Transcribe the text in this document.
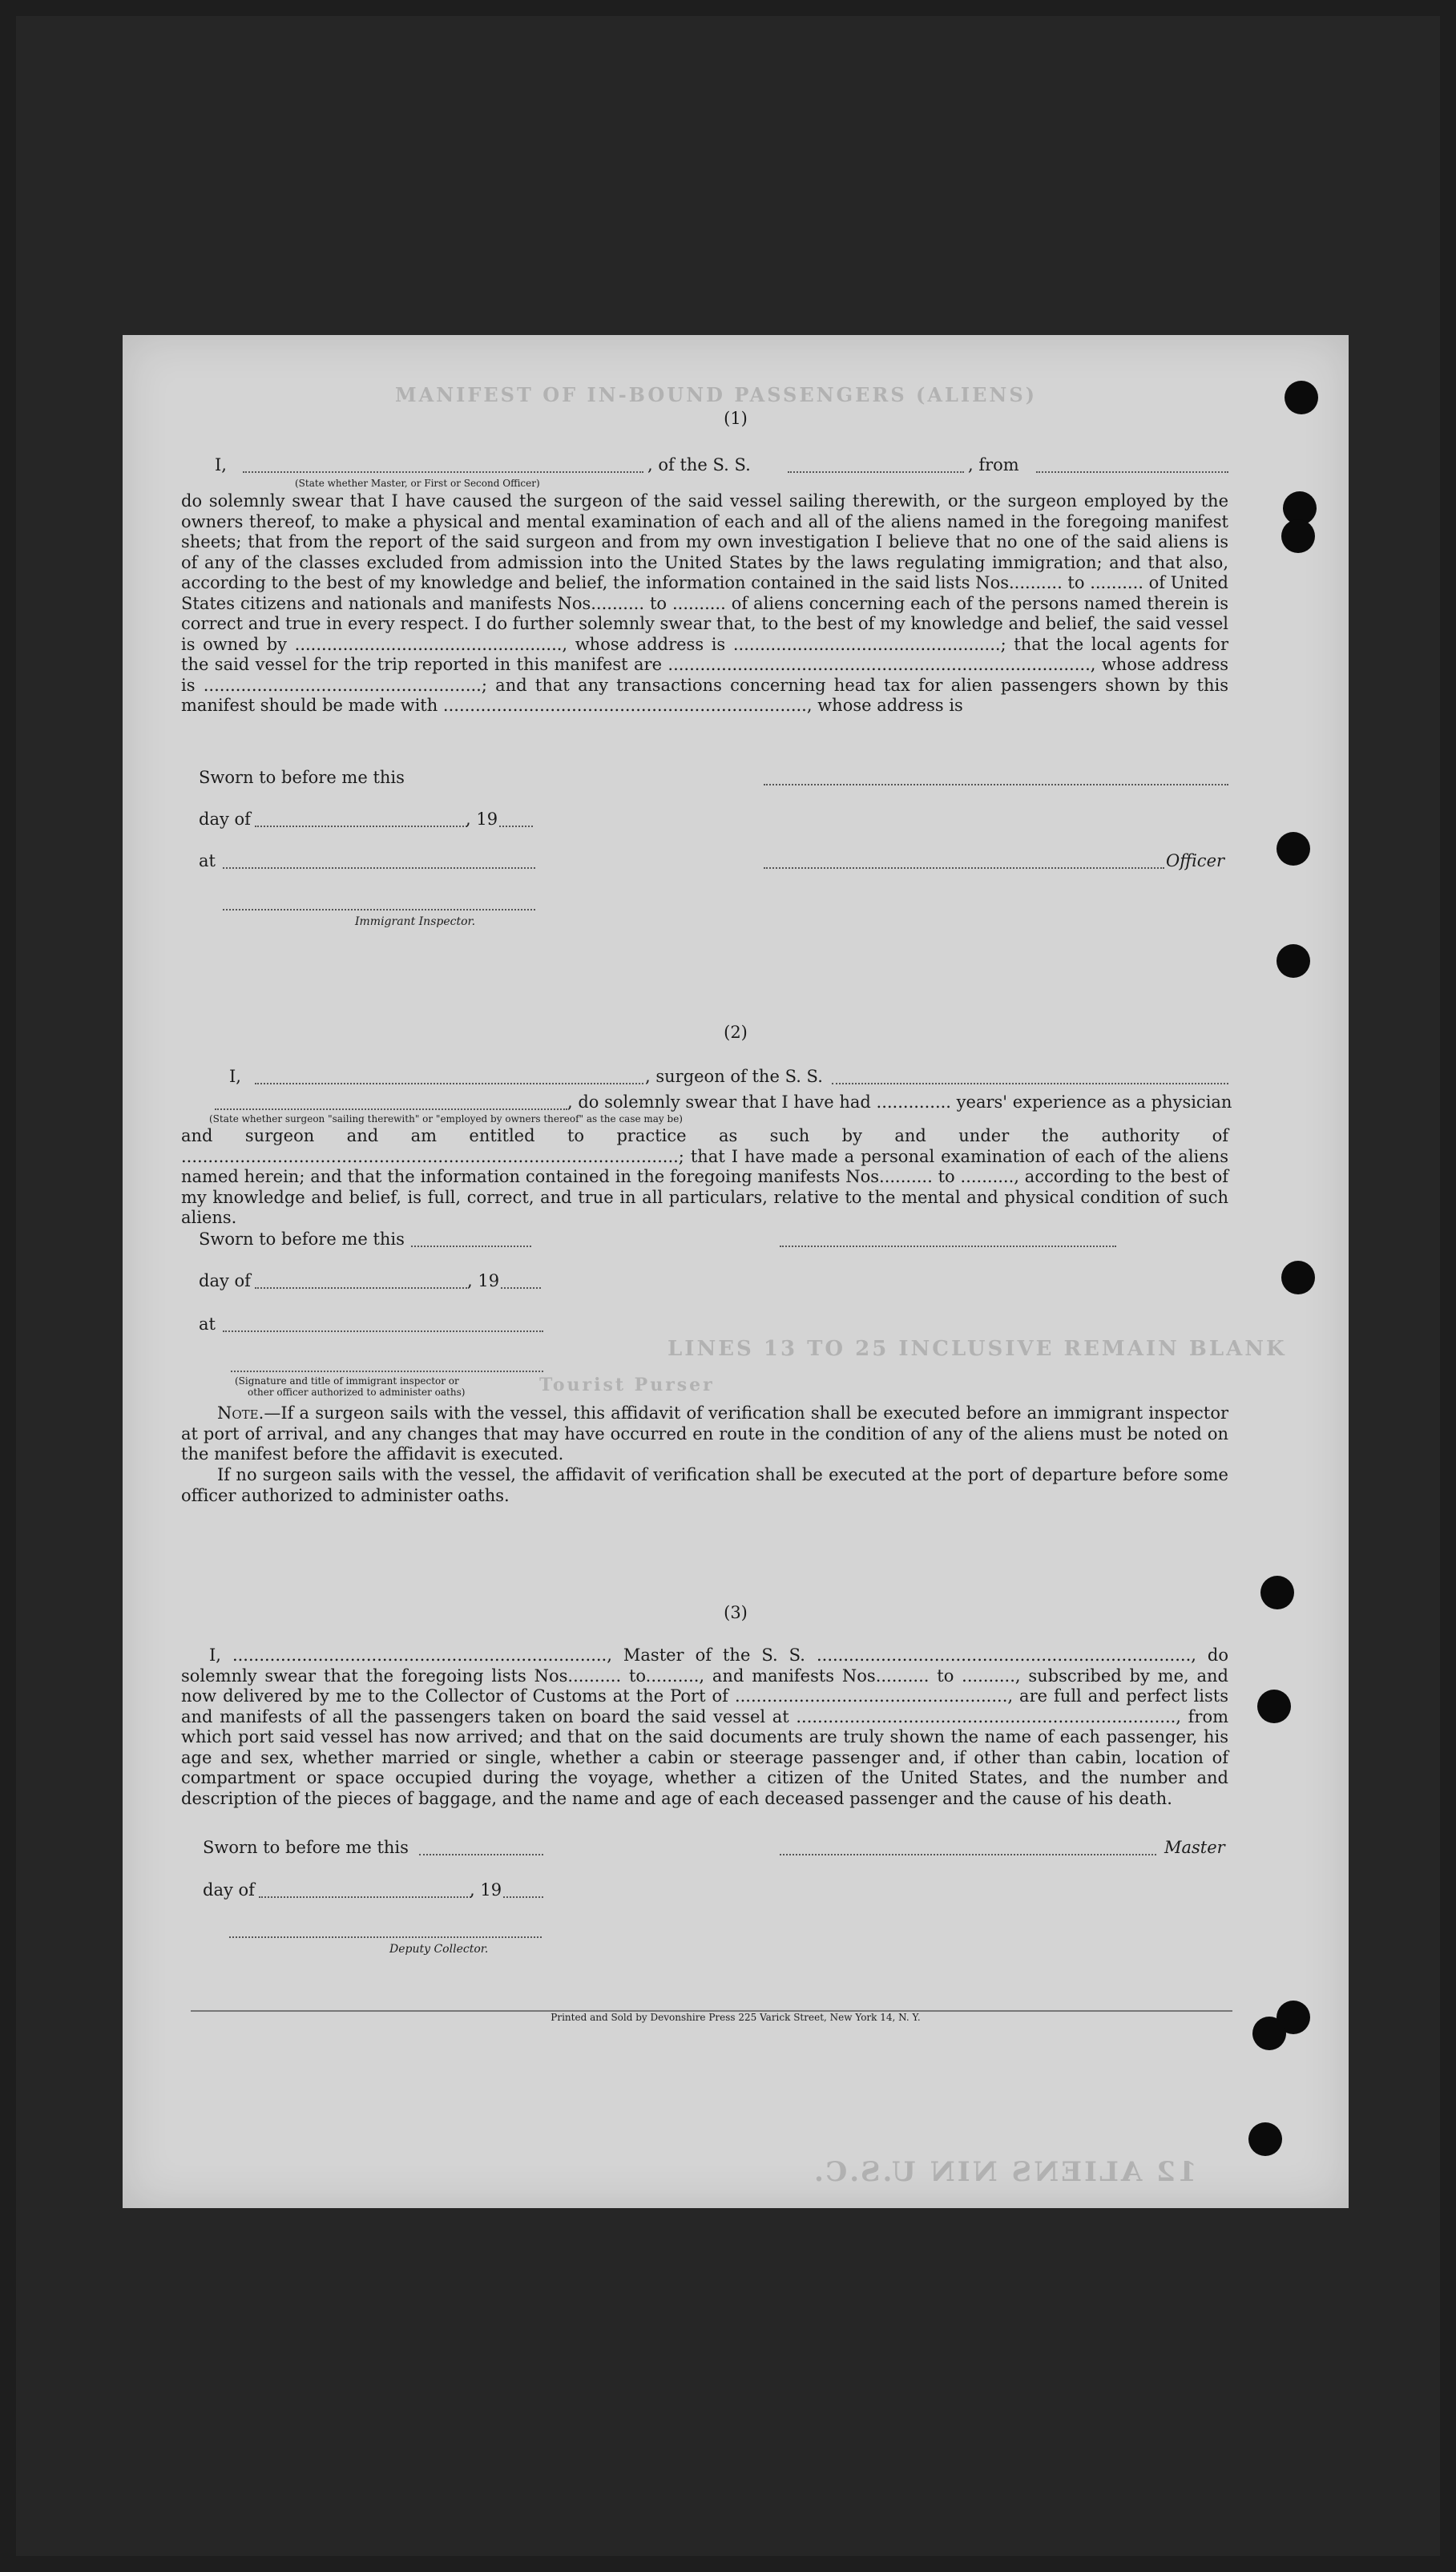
MANIFEST OF IN-BOUND PASSENGERS (ALIENS)
LINES 13 TO 25 INCLUSIVE REMAIN BLANK
Tourist Purser
12 ALIENS NIN U.S.C.
(1)
I,	, of the S. S.	, from
(State whether Master, or First or Second Officer)
do solemnly swear that I have caused the surgeon of the said vessel sailing therewith, or the surgeon employed by the owners thereof, to make a physical and mental examination of each and all of the aliens named in the foregoing manifest sheets; that from the report of the said surgeon and from my own investigation I believe that no one of the said aliens is of any of the classes excluded from admission into the United States by the laws regulating immigration; and that also, according to the best of my knowledge and belief, the information contained in the said lists Nos.......... to .......... of United States citizens and nationals and manifests Nos.......... to .......... of aliens concerning each of the persons named therein is correct and true in every respect. I do further solemnly swear that, to the best of my knowledge and belief, the said vessel is owned by .................................................., whose address is ..................................................; that the local agents for the said vessel for the trip reported in this manifest are ..............................................................................., whose address is ....................................................; and that any transactions concerning head tax for alien passengers shown by this manifest should be made with ...................................................................., whose address is
Sworn to before me this
day of	, 19
at	Officer
Immigrant Inspector.
(2)
I,	, surgeon of the S. S.
, do solemnly swear that I have had .............. years' experience as a physician
(State whether surgeon "sailing therewith" or "employed by owners thereof" as the case may be)
and surgeon and am entitled to practice as such by and under the authority of .............................................................................................; that I have made a personal examination of each of the aliens named herein; and that the information contained in the foregoing manifests Nos.......... to .........., according to the best of my knowledge and belief, is full, correct, and true in all particulars, relative to the mental and physical condition of such aliens.
Sworn to before me this
day of	, 19
at
(Signature and title of immigrant inspector or
other officer authorized to administer oaths)
Note.—If a surgeon sails with the vessel, this affidavit of verification shall be executed before an immigrant inspector at port of arrival, and any changes that may have occurred en route in the condition of any of the aliens must be noted on the manifest before the affidavit is executed.
If no surgeon sails with the vessel, the affidavit of verification shall be executed at the port of departure before some officer authorized to administer oaths.
(3)
I, ......................................................................, Master of the S. S. ......................................................................, do solemnly swear that the foregoing lists Nos.......... to.........., and manifests Nos.......... to .........., subscribed by me, and now delivered by me to the Collector of Customs at the Port of ..................................................., are full and perfect lists and manifests of all the passengers taken on board the said vessel at ......................................................................., from which port said vessel has now arrived; and that on the said documents are truly shown the name of each passenger, his age and sex, whether married or single, whether a cabin or steerage passenger and, if other than cabin, location of compartment or space occupied during the voyage, whether a citizen of the United States, and the number and description of the pieces of baggage, and the name and age of each deceased passenger and the cause of his death.
Sworn to before me this	Master
day of	, 19
Deputy Collector.
Printed and Sold by Devonshire Press 225 Varick Street, New York 14, N. Y.
